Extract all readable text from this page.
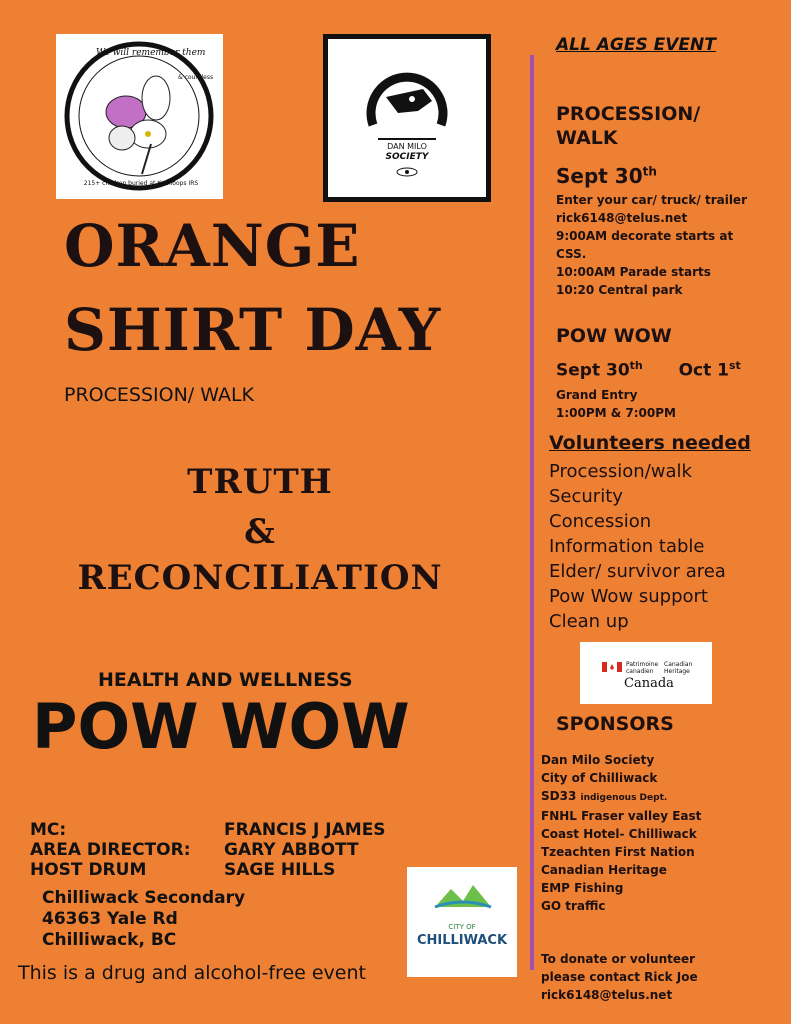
We will remember them
215+ children buried at Kamloops IRS
& countless
DAN MILO
SOCIETY
ORANGE
SHIRT DAY
PROCESSION/ WALK
TRUTH
&
RECONCILIATION
HEALTH AND WELLNESS
POW WOW
MC:	FRANCIS J JAMES
AREA DIRECTOR: GARY ABBOTT
HOST DRUM	SAGE HILLS
Chilliwack Secondary
46363 Yale Rd
Chilliwack, BC
This is a drug and alcohol-free event
CITY OF
CHILLIWACK
ALL AGES EVENT
PROCESSION/
WALK
Sept 30th
Enter your car/ truck/ trailer
rick6148@telus.net
9:00AM decorate starts at
CSS.
10:00AM Parade starts
10:20 Central park
POW WOW
Sept 30th Oct 1st
Grand Entry
1:00PM & 7:00PM
Volunteers needed
Procession/walk
Security
Concession
Information table
Elder/ survivor area
Pow Wow support
Clean up
Patrimoine canadien
Canadian Heritage
Canada
SPONSORS
Dan Milo Society
City of Chilliwack
SD33 indigenous Dept.
FNHL Fraser valley East
Coast Hotel- Chilliwack
Tzeachten First Nation
Canadian Heritage
EMP Fishing
GO traffic
To donate or volunteer
please contact Rick Joe
rick6148@telus.net
